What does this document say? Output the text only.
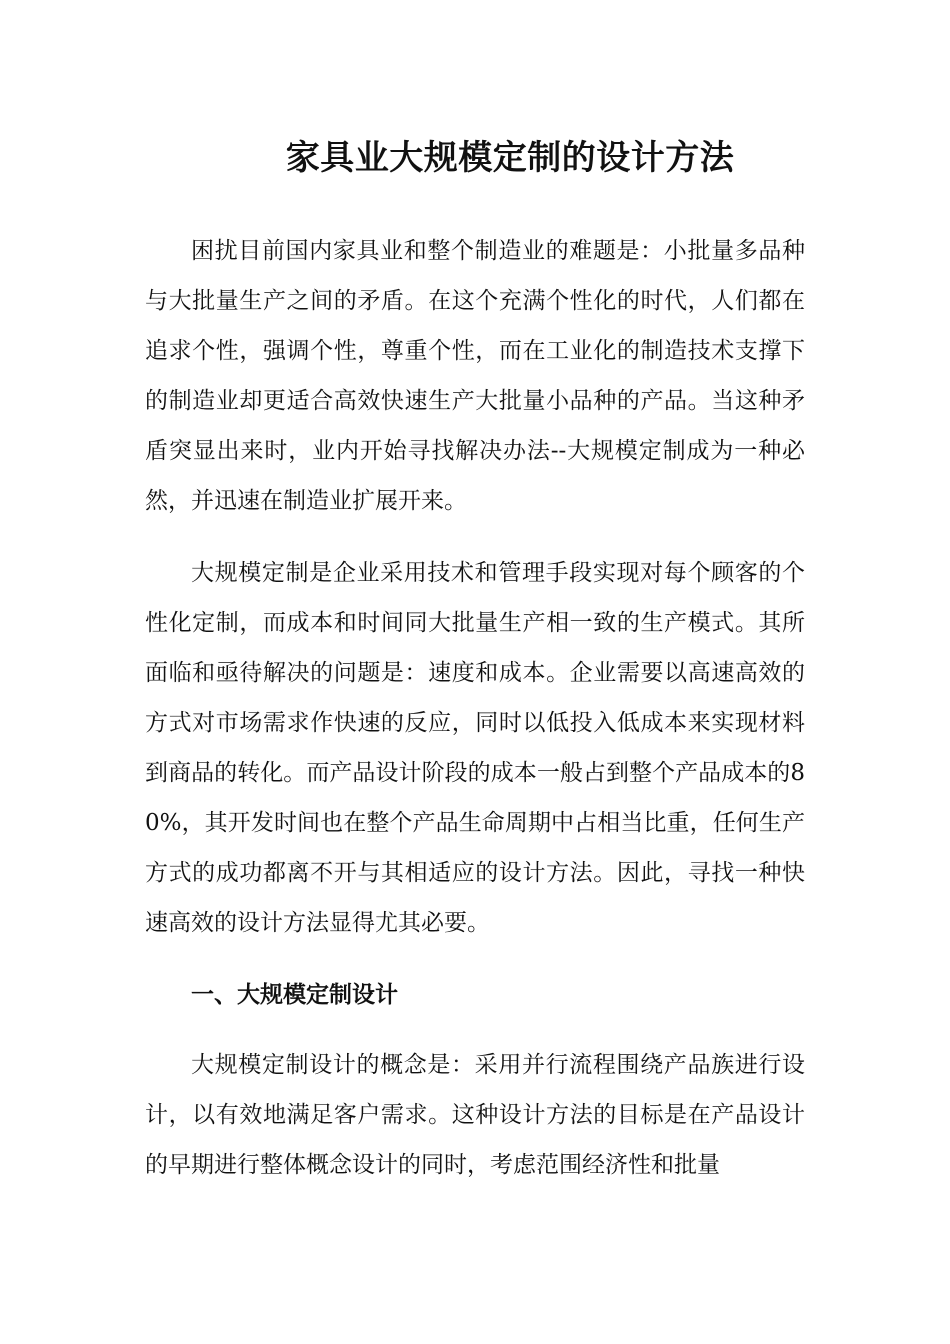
家具业大规模定制的设计方法

困扰目前国内家具业和整个制造业的难题是：小批量多品种与大批量生产之间的矛盾。在这个充满个性化的时代，人们都在追求个性，强调个性，尊重个性，而在工业化的制造技术支撑下的制造业却更适合高效快速生产大批量小品种的产品。当这种矛盾突显出来时，业内开始寻找解决办法--大规模定制成为一种必然，并迅速在制造业扩展开来。

大规模定制是企业采用技术和管理手段实现对每个顾客的个性化定制，而成本和时间同大批量生产相一致的生产模式。其所面临和亟待解决的问题是：速度和成本。企业需要以高速高效的方式对市场需求作快速的反应，同时以低投入低成本来实现材料到商品的转化。而产品设计阶段的成本一般占到整个产品成本的80%，其开发时间也在整个产品生命周期中占相当比重，任何生产方式的成功都离不开与其相适应的设计方法。因此，寻找一种快速高效的设计方法显得尤其必要。

一、大规模定制设计

大规模定制设计的概念是：采用并行流程围绕产品族进行设计，以有效地满足客户需求。这种设计方法的目标是在产品设计的早期进行整体概念设计的同时，考虑范围经济性和批量
